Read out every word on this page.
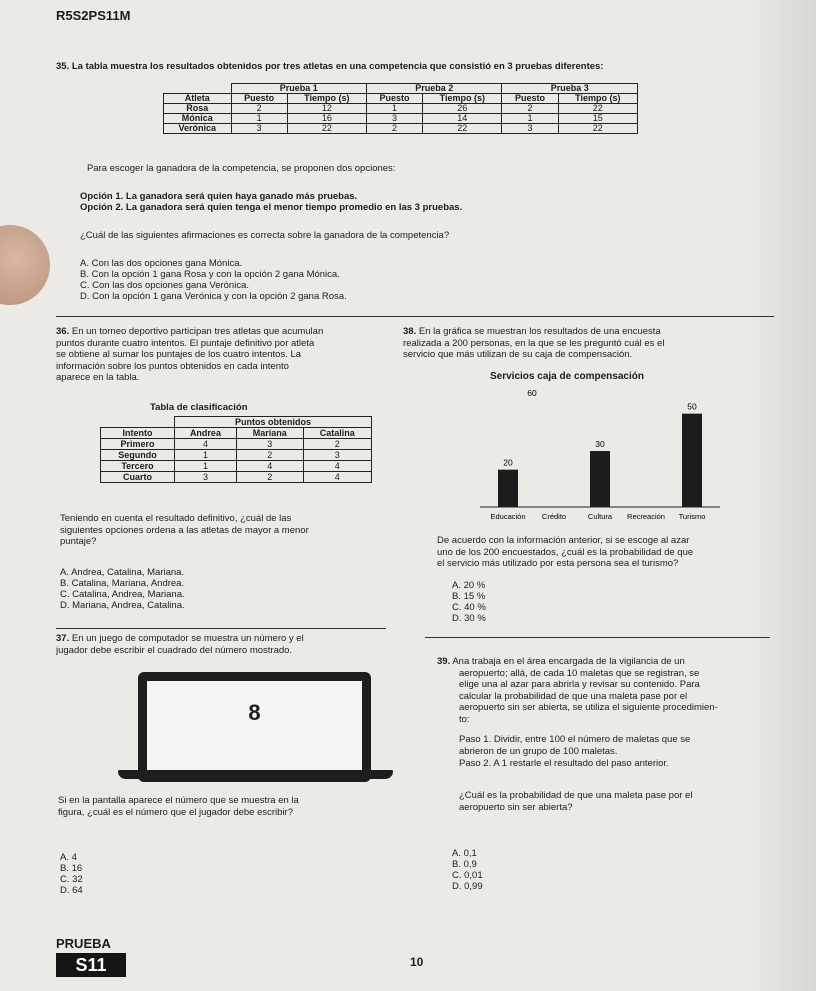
R5S2PS11M
35. La tabla muestra los resultados obtenidos por tres atletas en una competencia que consistió en 3 pruebas diferentes:
	Prueba 1		Prueba 2		Prueba 3	
Atleta	Puesto	Tiempo (s)	Puesto	Tiempo (s)	Puesto	Tiempo (s)
Rosa	2	12	1	26	2	22
Mónica	1	16	3	14	1	15
Verónica	3	22	2	22	3	22
Para escoger la ganadora de la competencia, se proponen dos opciones:
Opción 1. La ganadora será quien haya ganado más pruebas.
Opción 2. La ganadora será quien tenga el menor tiempo promedio en las 3 pruebas.
¿Cuál de las siguientes afirmaciones es correcta sobre la ganadora de la competencia?
A. Con las dos opciones gana Mónica.
B. Con la opción 1 gana Rosa y con la opción 2 gana Mónica.
C. Con las dos opciones gana Verónica.
D. Con la opción 1 gana Verónica y con la opción 2 gana Rosa.
36. En un torneo deportivo participan tres atletas que acumulan
puntos durante cuatro intentos. El puntaje definitivo por atleta
se obtiene al sumar los puntajes de los cuatro intentos. La
información sobre los puntos obtenidos en cada intento
aparece en la tabla.
Tabla de clasificación
	Puntos obtenidos		
Intento	Andrea	Mariana	Catalina
Primero	4	3	2
Segundo	1	2	3
Tercero	1	4	4
Cuarto	3	2	4
Teniendo en cuenta el resultado definitivo, ¿cuál de las
siguientes opciones ordena a las atletas de mayor a menor
puntaje?
A. Andrea, Catalina, Mariana.
B. Catalina, Mariana, Andrea.
C. Catalina, Andrea, Mariana.
D. Mariana, Andrea, Catalina.
37. En un juego de computador se muestra un número y el
jugador debe escribir el cuadrado del número mostrado.
8
Si en la pantalla aparece el número que se muestra en la
figura, ¿cuál es el número que el jugador debe escribir?
A. 4
B. 16
C. 32
D. 64
38. En la gráfica se muestran los resultados de una encuesta
realizada a 200 personas, en la que se les preguntó cuál es el
servicio que más utilizan de su caja de compensación.
Servicios caja de compensación
60
20
30
50
Educación Crédito	Cultura Recreación Turismo
De acuerdo con la información anterior, si se escoge al azar
uno de los 200 encuestados, ¿cuál es la probabilidad de que
el servicio más utilizado por esta persona sea el turismo?
A. 20 %
B. 15 %
C. 40 %
D. 30 %
39. Ana trabaja en el área encargada de la vigilancia de un
aeropuerto; allá, de cada 10 maletas que se registran, se
elige una al azar para abrirla y revisar su contenido. Para
calcular la probabilidad de que una maleta pase por el
aeropuerto sin ser abierta, se utiliza el siguiente procedimien-
to:
Paso 1. Dividir, entre 100 el número de maletas que se
abrieron de un grupo de 100 maletas.
Paso 2. A 1 restarle el resultado del paso anterior.
¿Cuál es la probabilidad de que una maleta pase por el
aeropuerto sin ser abierta?
A. 0,1
B. 0,9
C. 0,01
D. 0,99
PRUEBA
S11	10
